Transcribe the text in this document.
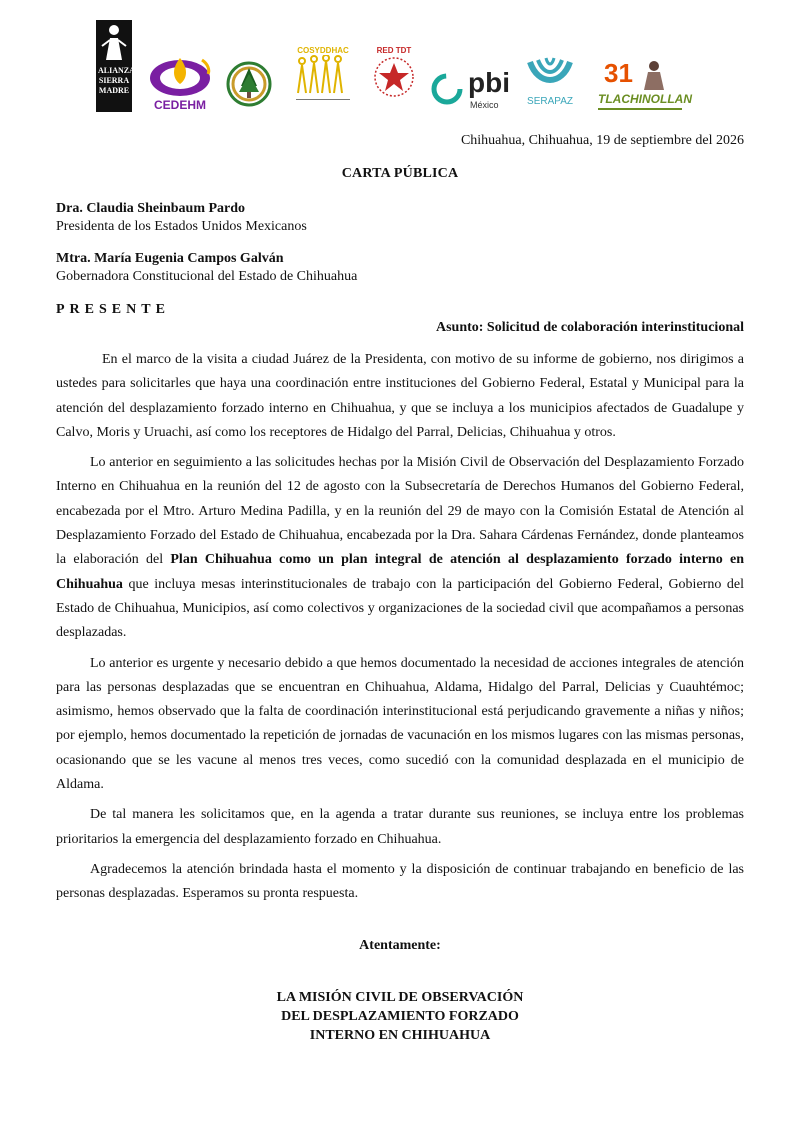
ALIANZA SIERRA MADRE
CEDEHM
COSYDDHAC	RED TDT
pbi
México	SERAPAZ
31
TLACHINOLLAN
Chihuahua, Chihuahua, 19 de septiembre del 2026
CARTA PÚBLICA
Dra. Claudia Sheinbaum Pardo
Presidenta de los Estados Unidos Mexicanos
Mtra. María Eugenia Campos Galván
Gobernadora Constitucional del Estado de Chihuahua
PRESENTE
Asunto: Solicitud de colaboración interinstitucional

En el marco de la visita a ciudad Juárez de la Presidenta, con motivo de su informe de gobierno, nos dirigimos a ustedes para solicitarles que haya una coordinación entre instituciones del Gobierno Federal, Estatal y Municipal para la atención del desplazamiento forzado interno en Chihuahua, y que se incluya a los municipios afectados de Guadalupe y Calvo, Moris y Uruachi, así como los receptores de Hidalgo del Parral, Delicias, Chihuahua y otros.

Lo anterior en seguimiento a las solicitudes hechas por la Misión Civil de Observación del Desplazamiento Forzado Interno en Chihuahua en la reunión del 12 de agosto con la Subsecretaría de Derechos Humanos del Gobierno Federal, encabezada por el Mtro. Arturo Medina Padilla, y en la reunión del 29 de mayo con la Comisión Estatal de Atención al Desplazamiento Forzado del Estado de Chihuahua, encabezada por la Dra. Sahara Cárdenas Fernández, donde planteamos la elaboración del Plan Chihuahua como un plan integral de atención al desplazamiento forzado interno en Chihuahua que incluya mesas interinstitucionales de trabajo con la participación del Gobierno Federal, Gobierno del Estado de Chihuahua, Municipios, así como colectivos y organizaciones de la sociedad civil que acompañamos a personas desplazadas.

Lo anterior es urgente y necesario debido a que hemos documentado la necesidad de acciones integrales de atención para las personas desplazadas que se encuentran en Chihuahua, Aldama, Hidalgo del Parral, Delicias y Cuauhtémoc; asimismo, hemos observado que la falta de coordinación interinstitucional está perjudicando gravemente a niñas y niños; por ejemplo, hemos documentado la repetición de jornadas de vacunación en los mismos lugares con las mismas personas, ocasionando que se les vacune al menos tres veces, como sucedió con la comunidad desplazada en el municipio de Aldama.

De tal manera les solicitamos que, en la agenda a tratar durante sus reuniones, se incluya entre los problemas prioritarios la emergencia del desplazamiento forzado en Chihuahua.

Agradecemos la atención brindada hasta el momento y la disposición de continuar trabajando en beneficio de las personas desplazadas. Esperamos su pronta respuesta.

Atentamente:
LA MISIÓN CIVIL DE OBSERVACIÓN
DEL DESPLAZAMIENTO FORZADO
INTERNO EN CHIHUAHUA
